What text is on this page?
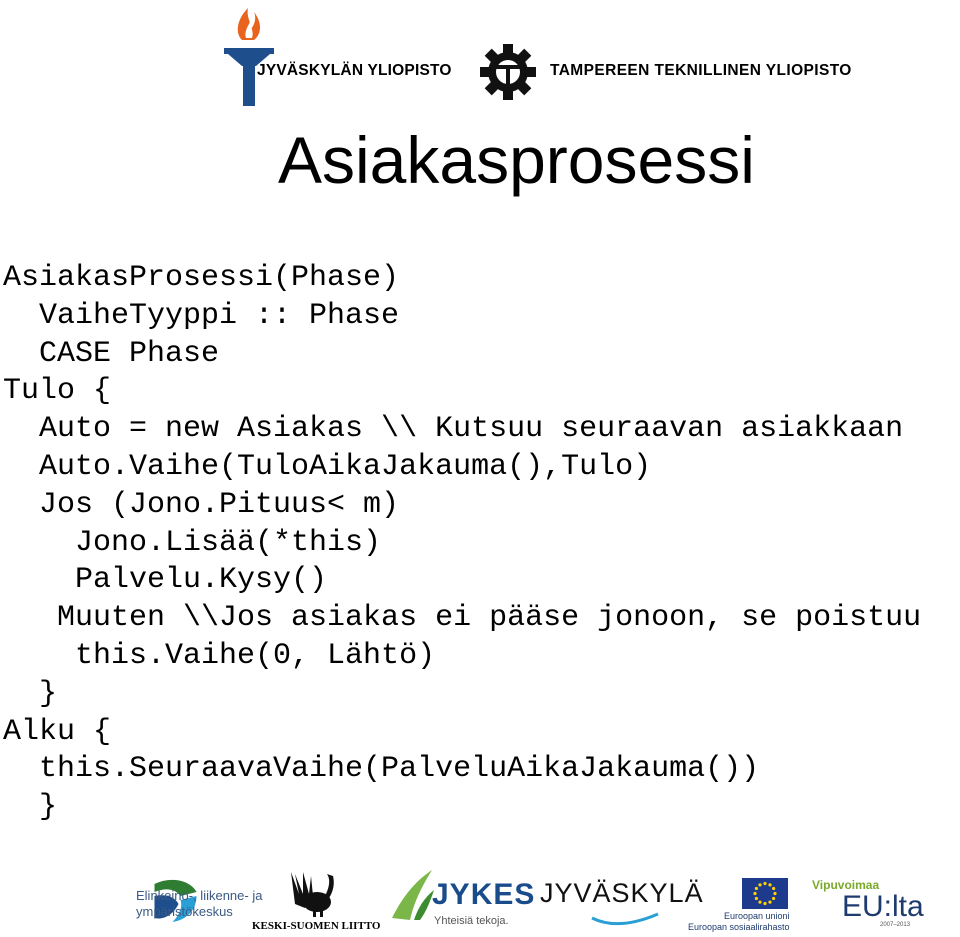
JYVÄSKYLÄN YLIOPISTO	TAMPEREEN TEKNILLINEN YLIOPISTO
Asiakasprosessi
AsiakasProsessi(Phase)
VaiheTyyppi :: Phase
CASE Phase
Tulo {
Auto = new Asiakas \\ Kutsuu seuraavan asiakkaan
Auto.Vaihe(TuloAikaJakauma(),Tulo)
Jos (Jono.Pituus< m)
Jono.Lisää(*this)
Palvelu.Kysy()
Muuten \\Jos asiakas ei pääse jonoon, se poistuu
this.Vaihe(0, Lähtö)
}
Alku {
this.SeuraavaVaihe(PalveluAikaJakauma())
}
Elinkeino-, liikenne- ja
ympäristökeskus
KESKI-SUOMEN LIITTO
JYKES
Yhteisiä tekoja.
JYVÄSKYLÄ
Euroopan unioni
Euroopan sosiaalirahasto
Vipuvoimaa
EU:lta
2007–2013
